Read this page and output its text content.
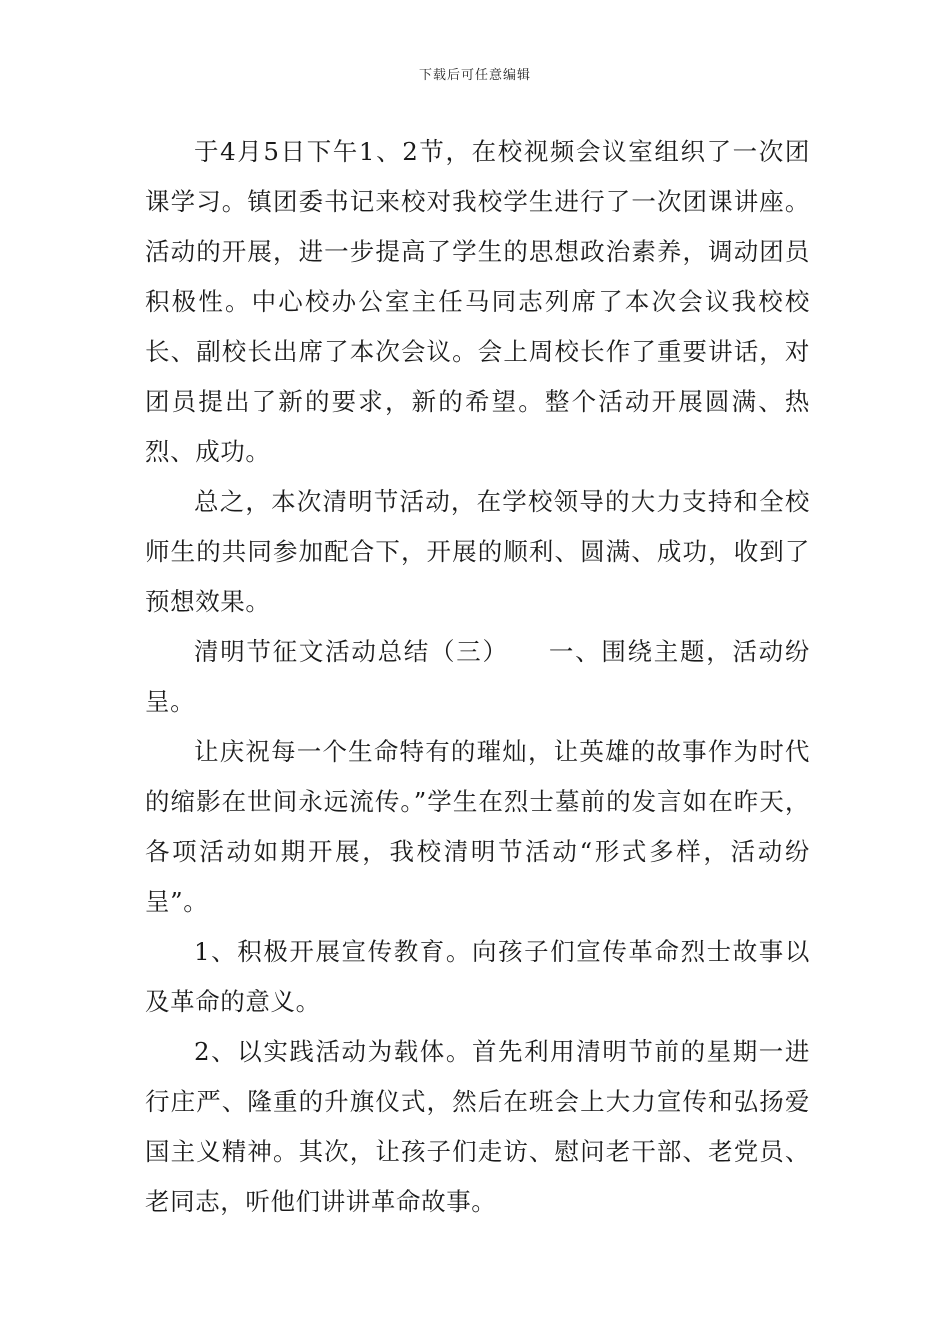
下载后可任意编辑

于4月5日下午1、2节，在校视频会议室组织了一次团课学习。镇团委书记来校对我校学生进行了一次团课讲座。活动的开展，进一步提高了学生的思想政治素养，调动团员积极性。中心校办公室主任马同志列席了本次会议我校校长、副校长出席了本次会议。会上周校长作了重要讲话，对团员提出了新的要求，新的希望。整个活动开展圆满、热烈、成功。

总之，本次清明节活动，在学校领导的大力支持和全校师生的共同参加配合下，开展的顺利、圆满、成功，收到了预想效果。

清明节征文活动总结（三）　　一、围绕主题，活动纷呈。

让庆祝每一个生命特有的璀灿，让英雄的故事作为时代的缩影在世间永远流传。”学生在烈士墓前的发言如在昨天，各项活动如期开展，我校清明节活动“形式多样，活动纷呈”。

1、积极开展宣传教育。向孩子们宣传革命烈士故事以及革命的意义。

2、以实践活动为载体。首先利用清明节前的星期一进行庄严、隆重的升旗仪式，然后在班会上大力宣传和弘扬爱国主义精神。其次，让孩子们走访、慰问老干部、老党员、老同志，听他们讲讲革命故事。
